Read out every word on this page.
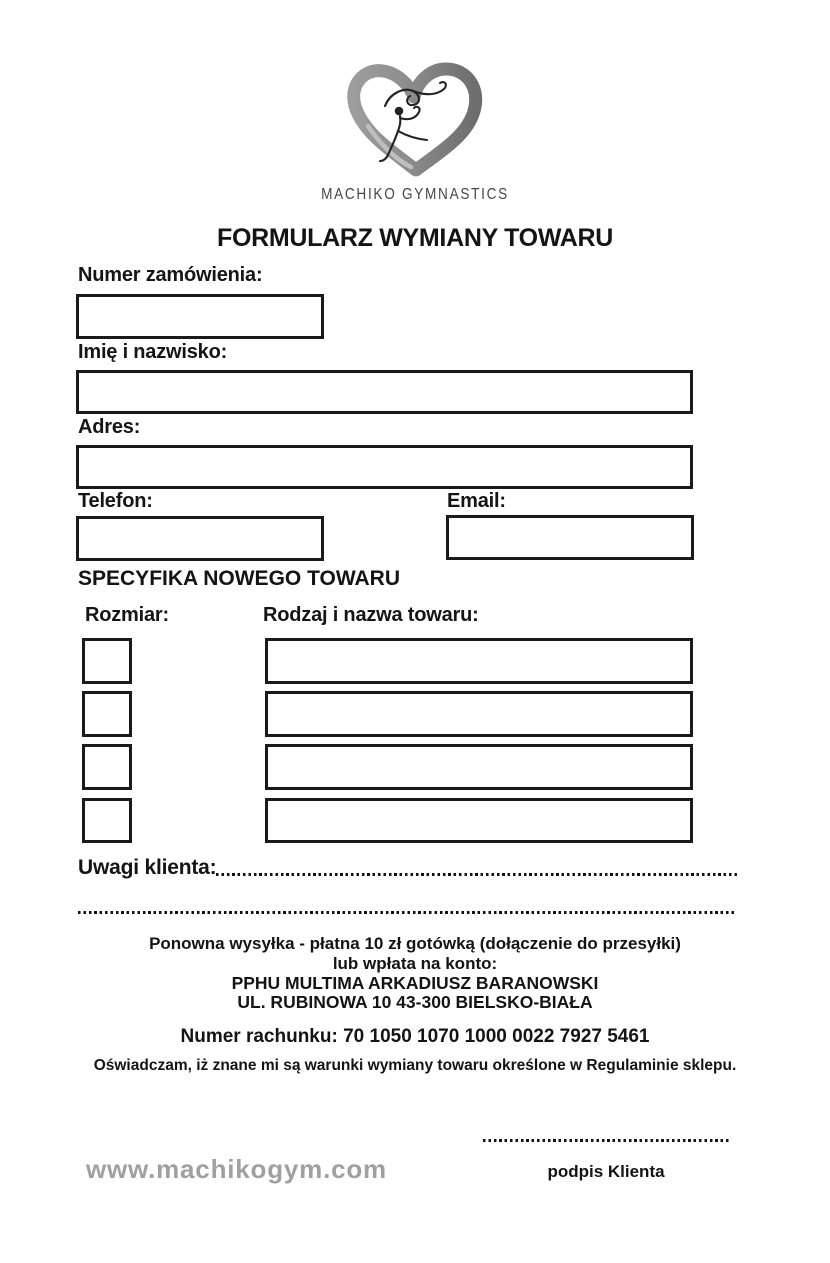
MACHIKO GYMNASTICS
FORMULARZ WYMIANY TOWARU
Numer zamówienia:
Imię i nazwisko:
Adres:
Telefon:	Email:
SPECYFIKA NOWEGO TOWARU
Rozmiar:	Rodzaj i nazwa towaru:
Uwagi klienta:
Ponowna wysyłka - płatna 10 zł gotówką (dołączenie do przesyłki)
lub wpłata na konto:
PPHU MULTIMA ARKADIUSZ BARANOWSKI
UL. RUBINOWA 10 43-300 BIELSKO-BIAŁA
Numer rachunku: 70 1050 1070 1000 0022 7927 5461
Oświadczam, iż znane mi są warunki wymiany towaru określone w Regulaminie sklepu.
podpis Klienta
www.machikogym.com
